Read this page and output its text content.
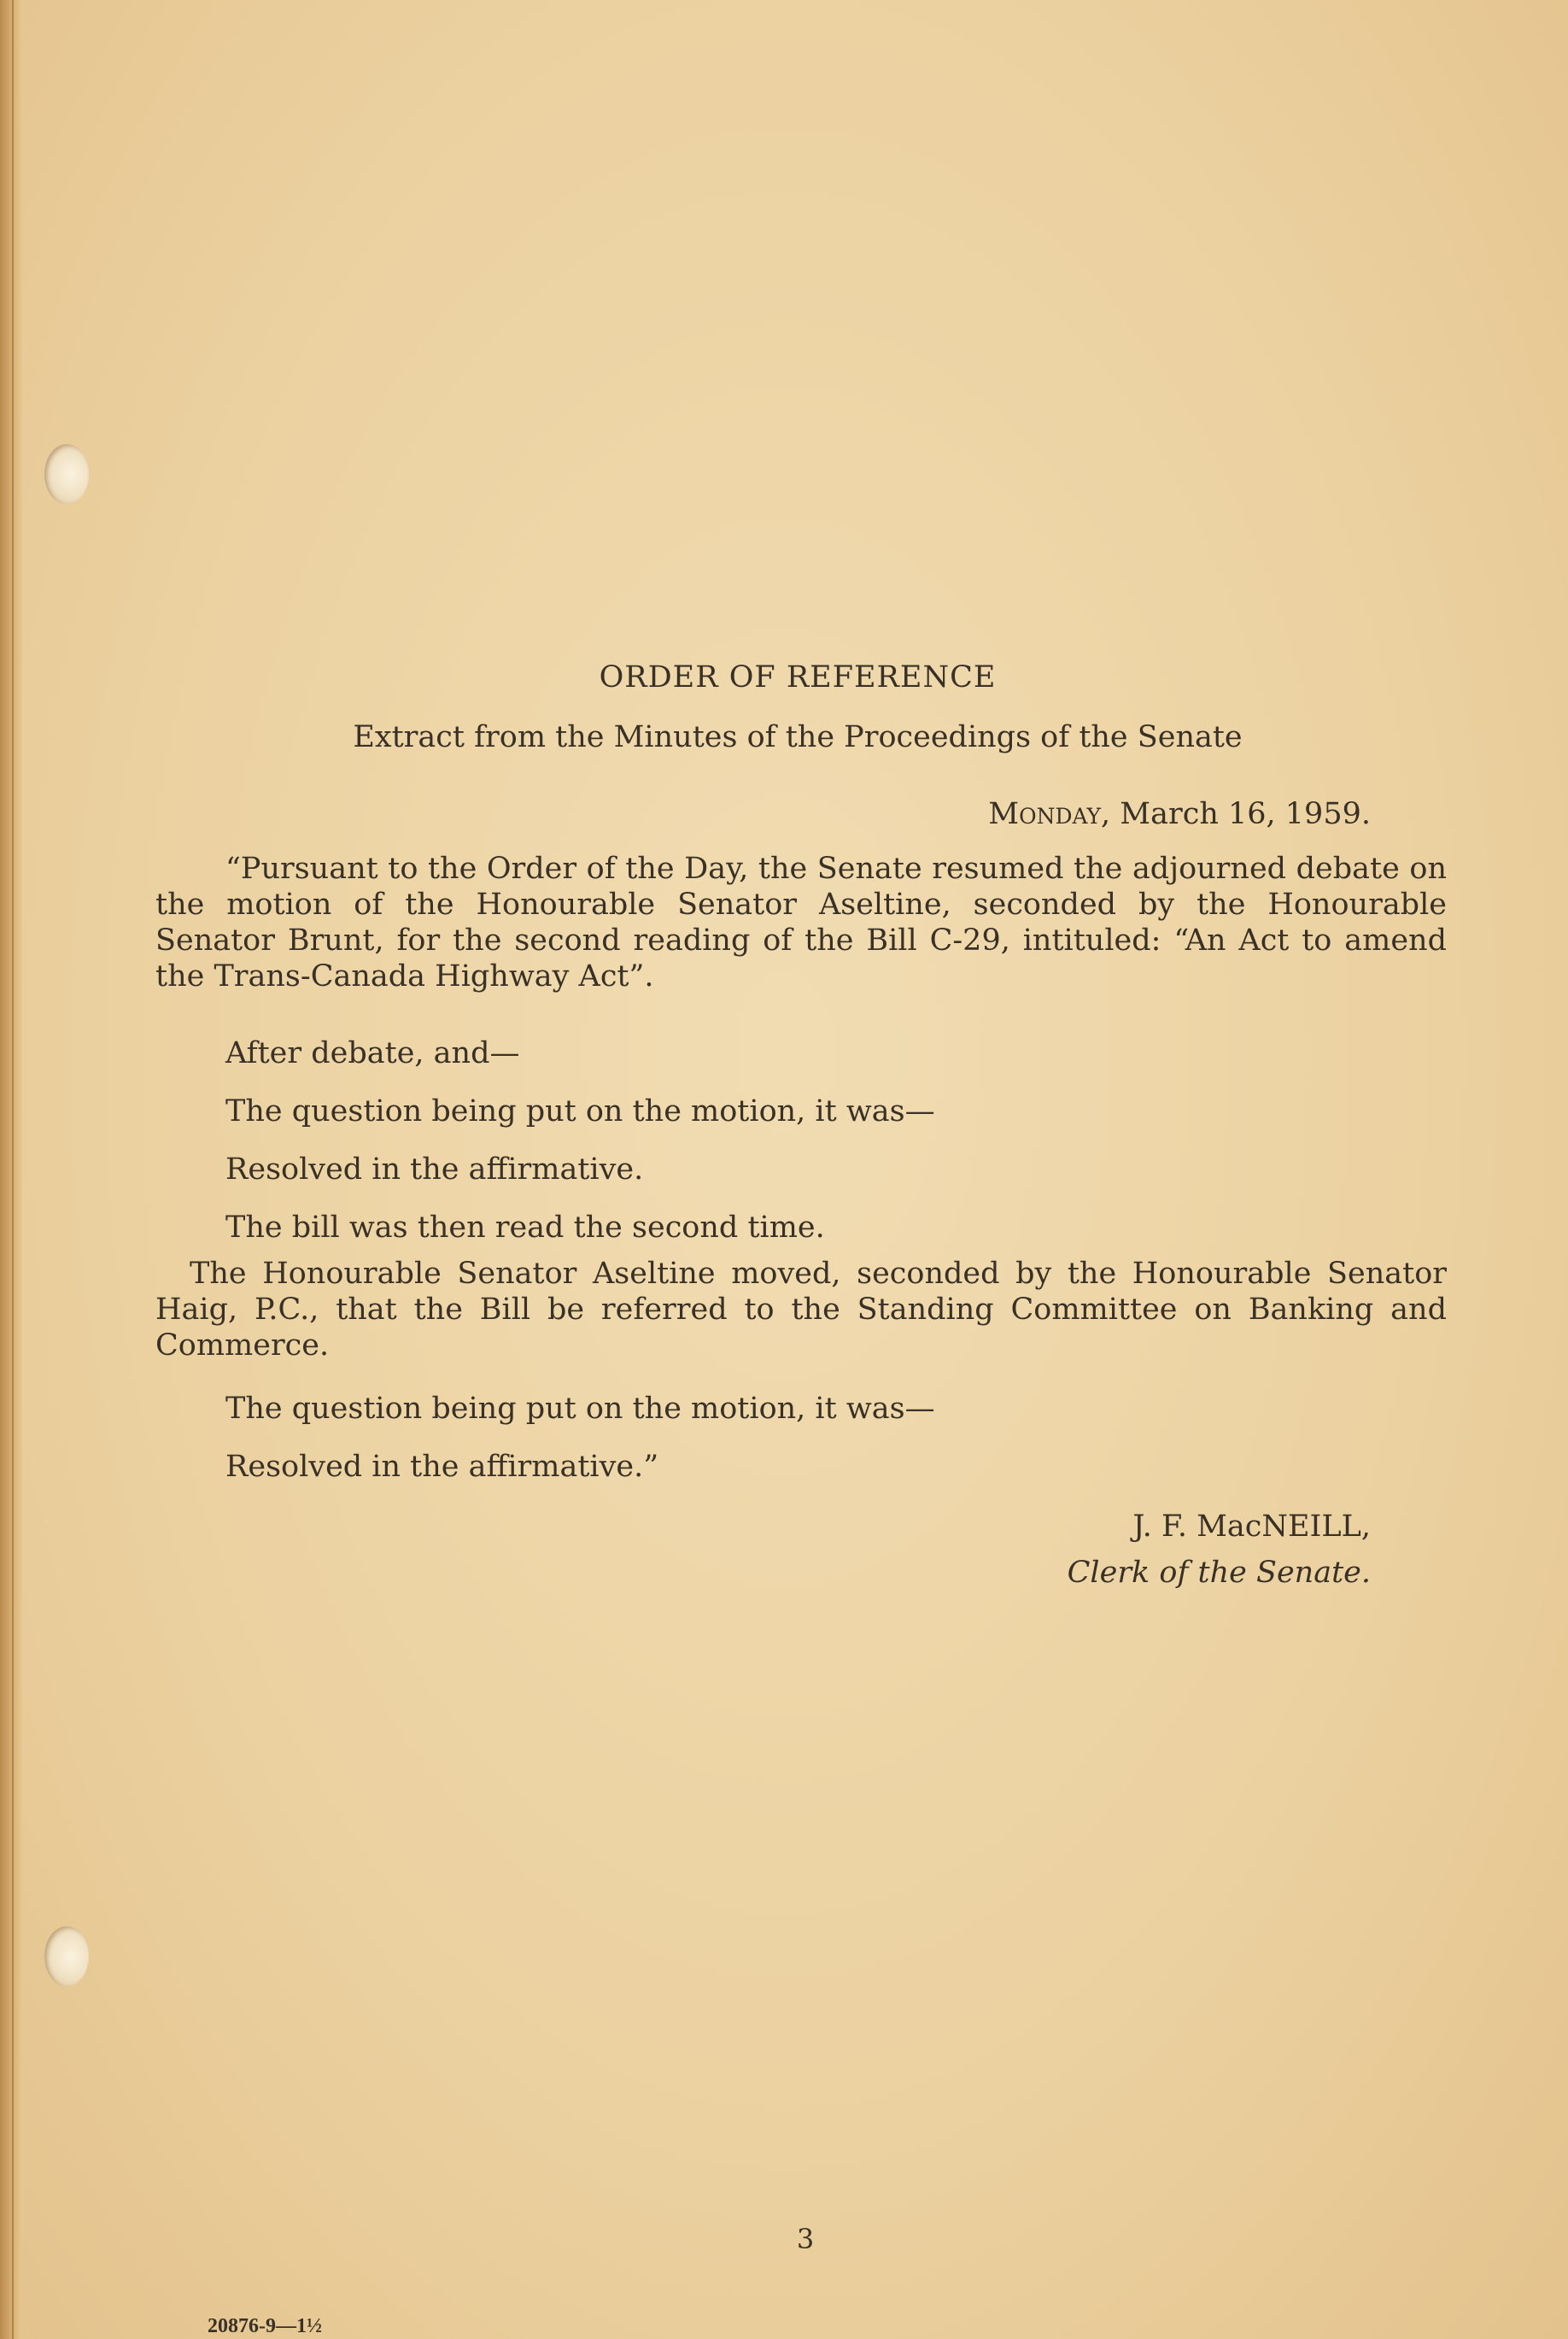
ORDER OF REFERENCE
Extract from the Minutes of the Proceedings of the Senate
Monday, March 16, 1959.
“Pursuant to the Order of the Day, the Senate resumed the adjourned debate on the motion of the Honourable Senator Aseltine, seconded by the Honourable Senator Brunt, for the second reading of the Bill C-29, intituled: “An Act to amend the Trans-Canada Highway Act”.
After debate, and—
The question being put on the motion, it was—
Resolved in the affirmative.
The bill was then read the second time.
The Honourable Senator Aseltine moved, seconded by the Honourable Senator Haig, P.C., that the Bill be referred to the Standing Committee on Banking and Commerce.
The question being put on the motion, it was—
Resolved in the affirmative.”
J. F. MacNEILL,
Clerk of the Senate.
3
20876-9—1½
